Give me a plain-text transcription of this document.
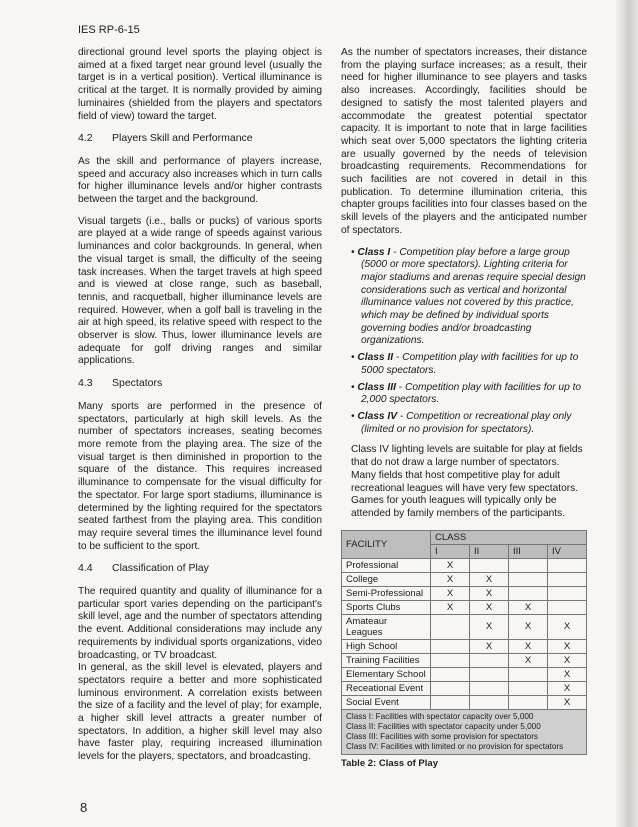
IES RP-6-15

directional ground level sports the playing object is aimed at a fixed target near ground level (usually the target is in a vertical position). Vertical illuminance is critical at the target. It is normally provided by aiming luminaires (shielded from the players and spectators field of view) toward the target.

4.2 Players Skill and Performance

As the skill and performance of players increase, speed and accuracy also increases which in turn calls for higher illuminance levels and/or higher contrasts between the target and the background.

Visual targets (i.e., balls or pucks) of various sports are played at a wide range of speeds against various luminances and color backgrounds. In general, when the visual target is small, the difficulty of the seeing task increases. When the target travels at high speed and is viewed at close range, such as baseball, tennis, and racquetball, higher illuminance levels are required. However, when a golf ball is traveling in the air at high speed, its relative speed with respect to the observer is slow. Thus, lower illuminance levels are adequate for golf driving ranges and similar applications.

4.3 Spectators

Many sports are performed in the presence of spectators, particularly at high skill levels. As the number of spectators increases, seating becomes more remote from the playing area. The size of the visual target is then diminished in proportion to the square of the distance. This requires increased illuminance to compensate for the visual difficulty for the spectator. For large sport stadiums, illuminance is determined by the lighting required for the spectators seated farthest from the playing area. This condition may require several times the illuminance level found to be sufficient to the sport.

4.4 Classification of Play

The required quantity and quality of illuminance for a particular sport varies depending on the participant's skill level, age and the number of spectators attending the event. Additional considerations may include any requirements by individual sports organizations, video broadcasting, or TV broadcast.

In general, as the skill level is elevated, players and spectators require a better and more sophisticated luminous environment. A correlation exists between the size of a facility and the level of play; for example, a higher skill level attracts a greater number of spectators. In addition, a higher skill level may also have faster play, requiring increased illumination levels for the players, spectators, and broadcasting.

As the number of spectators increases, their distance from the playing surface increases; as a result, their need for higher illuminance to see players and tasks also increases. Accordingly, facilities should be designed to satisfy the most talented players and accommodate the greatest potential spectator capacity. It is important to note that in large facilities which seat over 5,000 spectators the lighting criteria are usually governed by the needs of television broadcasting requirements. Recommendations for such facilities are not covered in detail in this publication. To determine illumination criteria, this chapter groups facilities into four classes based on the skill levels of the players and the anticipated number of spectators.

• Class I - Competition play before a large group (5000 or more spectators). Lighting criteria for major stadiums and arenas require special design considerations such as vertical and horizontal illuminance values not covered by this practice, which may be defined by individual sports governing bodies and/or broadcasting organizations.
• Class II - Competition play with facilities for up to 5000 spectators.
• Class III - Competition play with facilities for up to 2,000 spectators.
• Class IV - Competition or recreational play only (limited or no provision for spectators).

Class IV lighting levels are suitable for play at fields that do not draw a large number of spectators. Many fields that host competitive play for adult recreational leagues will have very few spectators. Games for youth leagues will typically only be attended by family members of the participants.

FACILITY	CLASS			
	I	II	III	IV
Professional	X			
College	X	X		
Semi-Professional	X	X		
Sports Clubs	X	X	X	
Amateaur Leagues		X	X	X
High School		X	X	X
Training Facilities			X	X
Elementary School				X
Receational Event				X
Social Event				X
Class I: Facilities with spectator capacity over 5,000
Class II: Facilities with spectator capacity under 5,000
Class III: Facilities with some provision for spectators
Class IV: Facilities with limited or no provision for spectators
Table 2: Class of Play
8
